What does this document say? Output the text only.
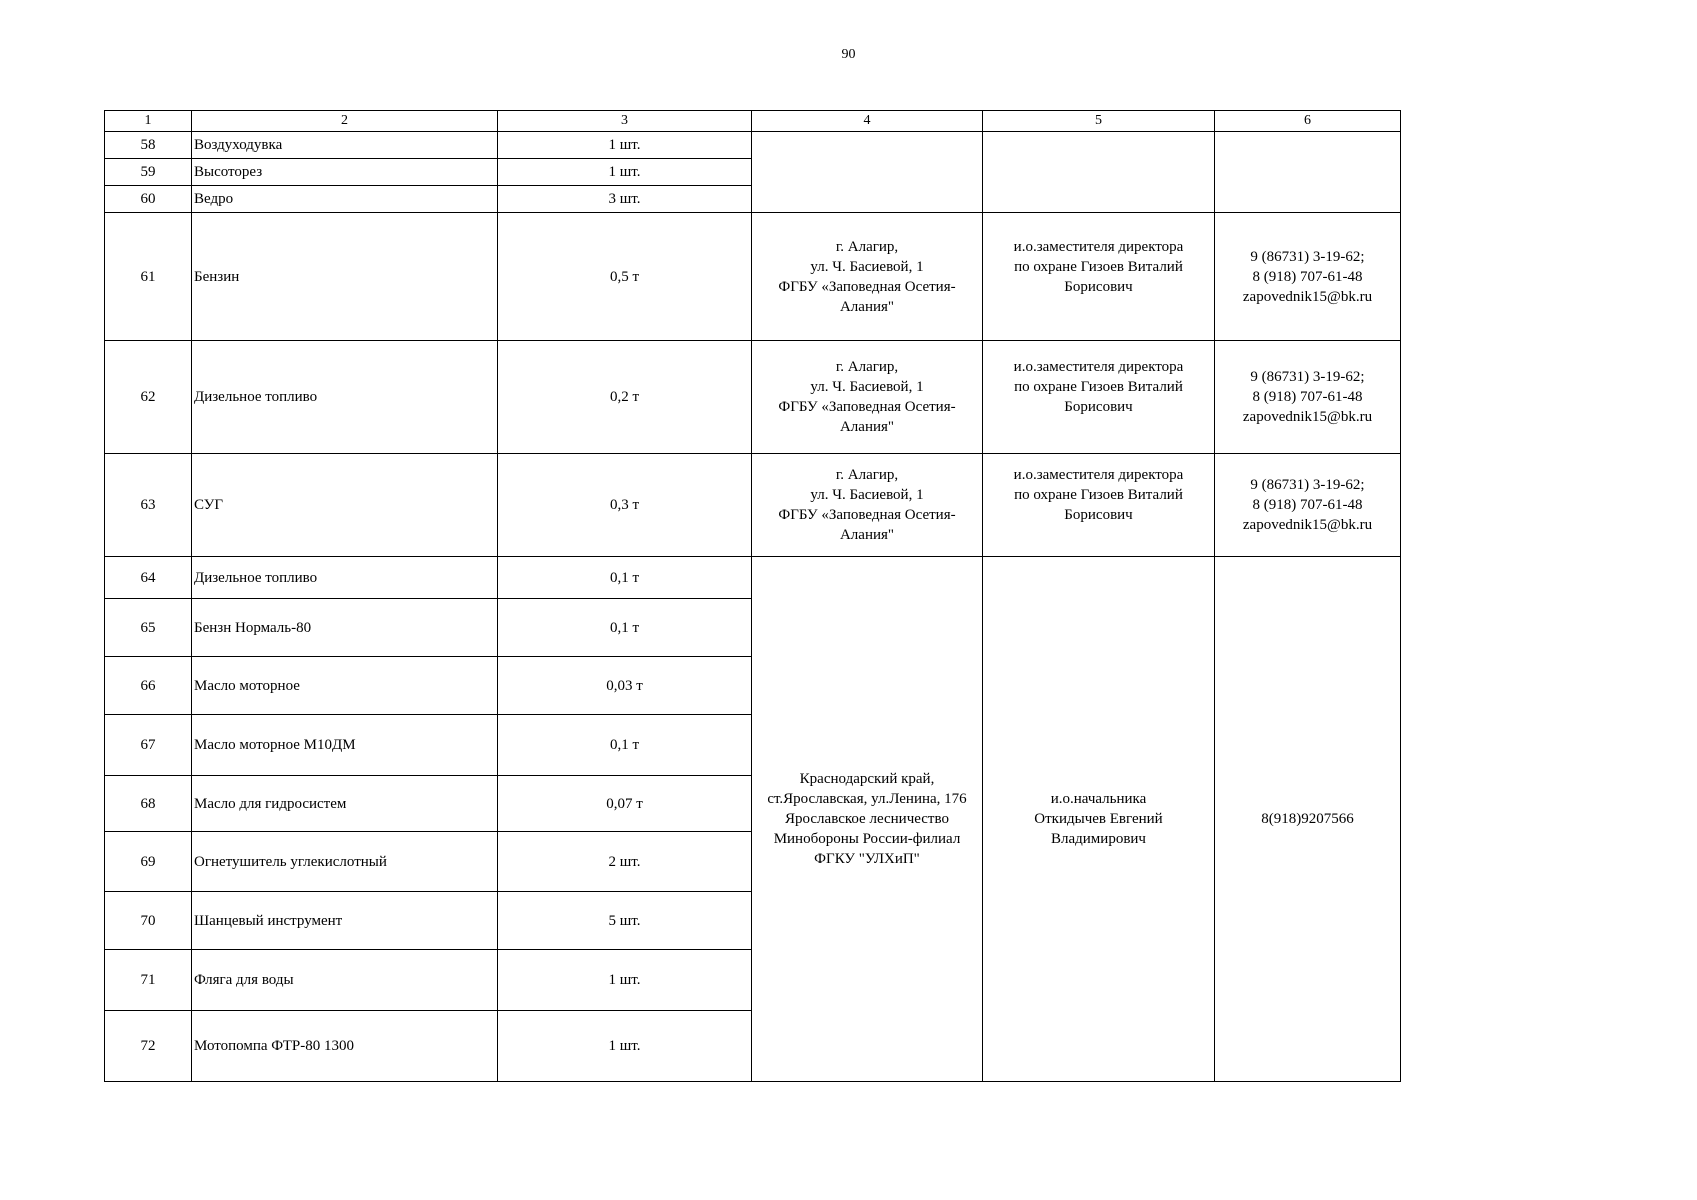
90
1	2	3	4	5	6
58	Воздуходувка	1 шт.			
59	Высоторез	1 шт.			
60	Ведро	3 шт.			
61	Бензин	0,5 т	г. Алагир,
ул. Ч. Басиевой, 1
ФГБУ «Заповедная Осетия-
Алания"	и.о.заместителя директора
по охране Гизоев Виталий
Борисович	9 (86731) 3-19-62;
8 (918) 707-61-48
zapovednik15@bk.ru

62	Дизельное топливо	0,2 т	г. Алагир,
ул. Ч. Басиевой, 1
ФГБУ «Заповедная Осетия-
Алания"	и.о.заместителя директора
по охране Гизоев Виталий
Борисович	9 (86731) 3-19-62;
8 (918) 707-61-48
zapovednik15@bk.ru

63	СУГ	0,3 т	г. Алагир,
ул. Ч. Басиевой, 1
ФГБУ «Заповедная Осетия-
Алания"	и.о.заместителя директора
по охране Гизоев Виталий
Борисович	9 (86731) 3-19-62;
8 (918) 707-61-48
zapovednik15@bk.ru

64	Дизельное топливо	0,1 т	Краснодарский край,
ст.Ярославская, ул.Ленина, 176
Ярославское лесничество
Минобороны России-филиал
ФГКУ "УЛХиП"	и.о.начальника
Откидычев Евгений
Владимирович	8(918)9207566
65	Бензн Нормаль-80	0,1 т			
66	Масло моторное	0,03 т			
67	Масло моторное М10ДМ	0,1 т			
68	Масло для гидросистем	0,07 т			
69	Огнетушитель углекислотный	2 шт.			
70	Шанцевый инструмент	5 шт.			
71	Фляга для воды	1 шт.			
72	Мотопомпа ФТР-80 1300	1 шт.			
